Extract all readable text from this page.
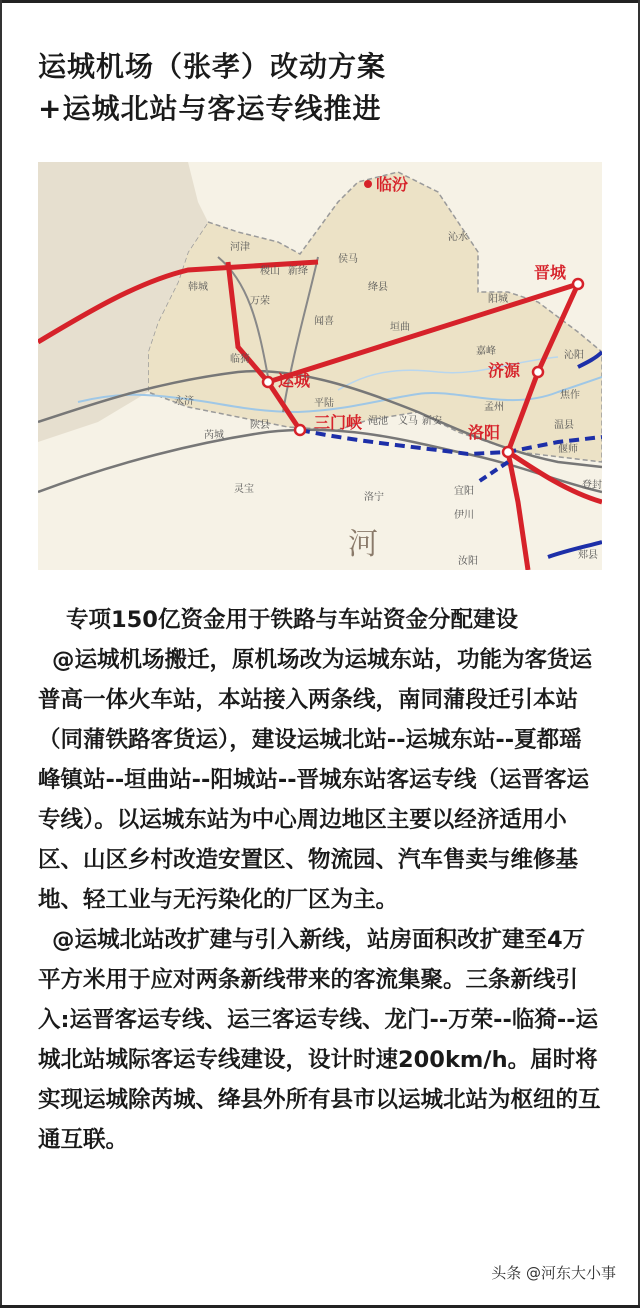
运城机场（张孝）改动方案
+运城北站与客运专线推进
临汾
晋城
运城
济源
三门峡
洛阳
河
河津
稷山 新绛
侯马
沁水
韩城
万荣
绛县
阳城
闻喜
垣曲
临猗
嘉峰	沁阳
焦作
永济	平陆	孟州
温县
芮城
陕县	渑池 义马 新安
偃师
灵宝
洛宁
宜阳
伊川
登封
汝阳
郏县

专项150亿资金用于铁路与车站资金分配建设

@运城机场搬迁，原机场改为运城东站，功能为客货运普高一体火车站，本站接入两条线，南同蒲段迁引本站（同蒲铁路客货运），建设运城北站--运城东站--夏都瑶峰镇站--垣曲站--阳城站--晋城东站客运专线（运晋客运专线）。以运城东站为中心周边地区主要以经济适用小区、山区乡村改造安置区、物流园、汽车售卖与维修基地、轻工业与无污染化的厂区为主。

@运城北站改扩建与引入新线，站房面积改扩建至4万平方米用于应对两条新线带来的客流集聚。三条新线引入:运晋客运专线、运三客运专线、龙门--万荣--临猗--运城北站城际客运专线建设，设计时速200km/h。届时将实现运城除芮城、绛县外所有县市以运城北站为枢纽的互通互联。

头条 @河东大小事
